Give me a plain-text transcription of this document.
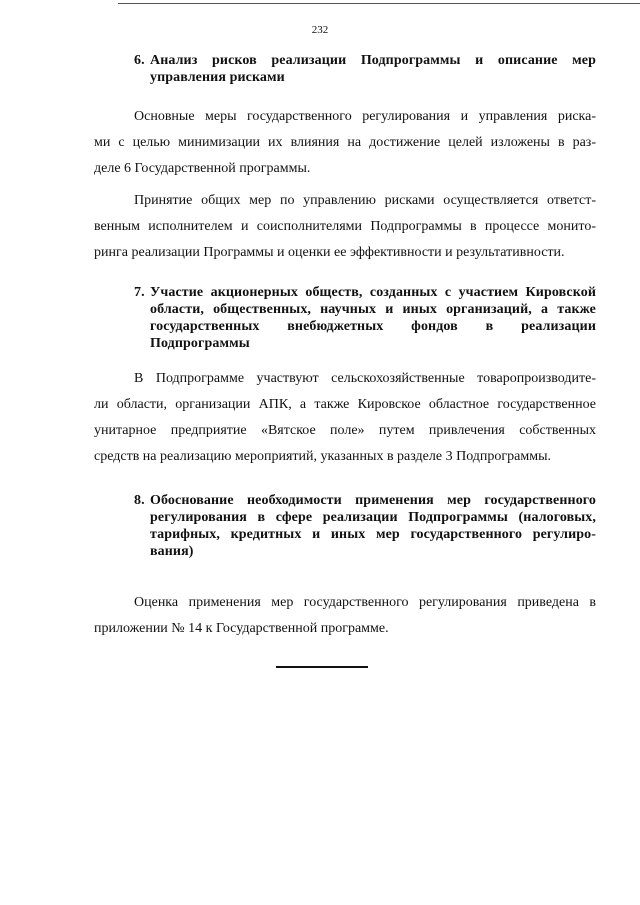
232
6. Анализ рисков реализации Подпрограммы и описание мер
управления рисками
Основные меры государственного регулирования и управления риска-
ми с целью минимизации их влияния на достижение целей изложены в раз-
деле 6 Государственной программы.
Принятие общих мер по управлению рисками осуществляется ответст-
венным исполнителем и соисполнителями Подпрограммы в процессе монито-
ринга реализации Программы и оценки ее эффективности и результативности.
7. Участие акционерных обществ, созданных с участием Кировской
области, общественных, научных и иных организаций, а также
государственных внебюджетных фондов в реализации
Подпрограммы
В Подпрограмме участвуют сельскохозяйственные товаропроизводите-
ли области, организации АПК, а также Кировское областное государственное
унитарное предприятие «Вятское поле» путем привлечения собственных
средств на реализацию мероприятий, указанных в разделе 3 Подпрограммы.
8. Обоснование необходимости применения мер государственного
регулирования в сфере реализации Подпрограммы (налоговых,
тарифных, кредитных и иных мер государственного регулиро-
вания)
Оценка применения мер государственного регулирования приведена в
приложении № 14 к Государственной программе.
